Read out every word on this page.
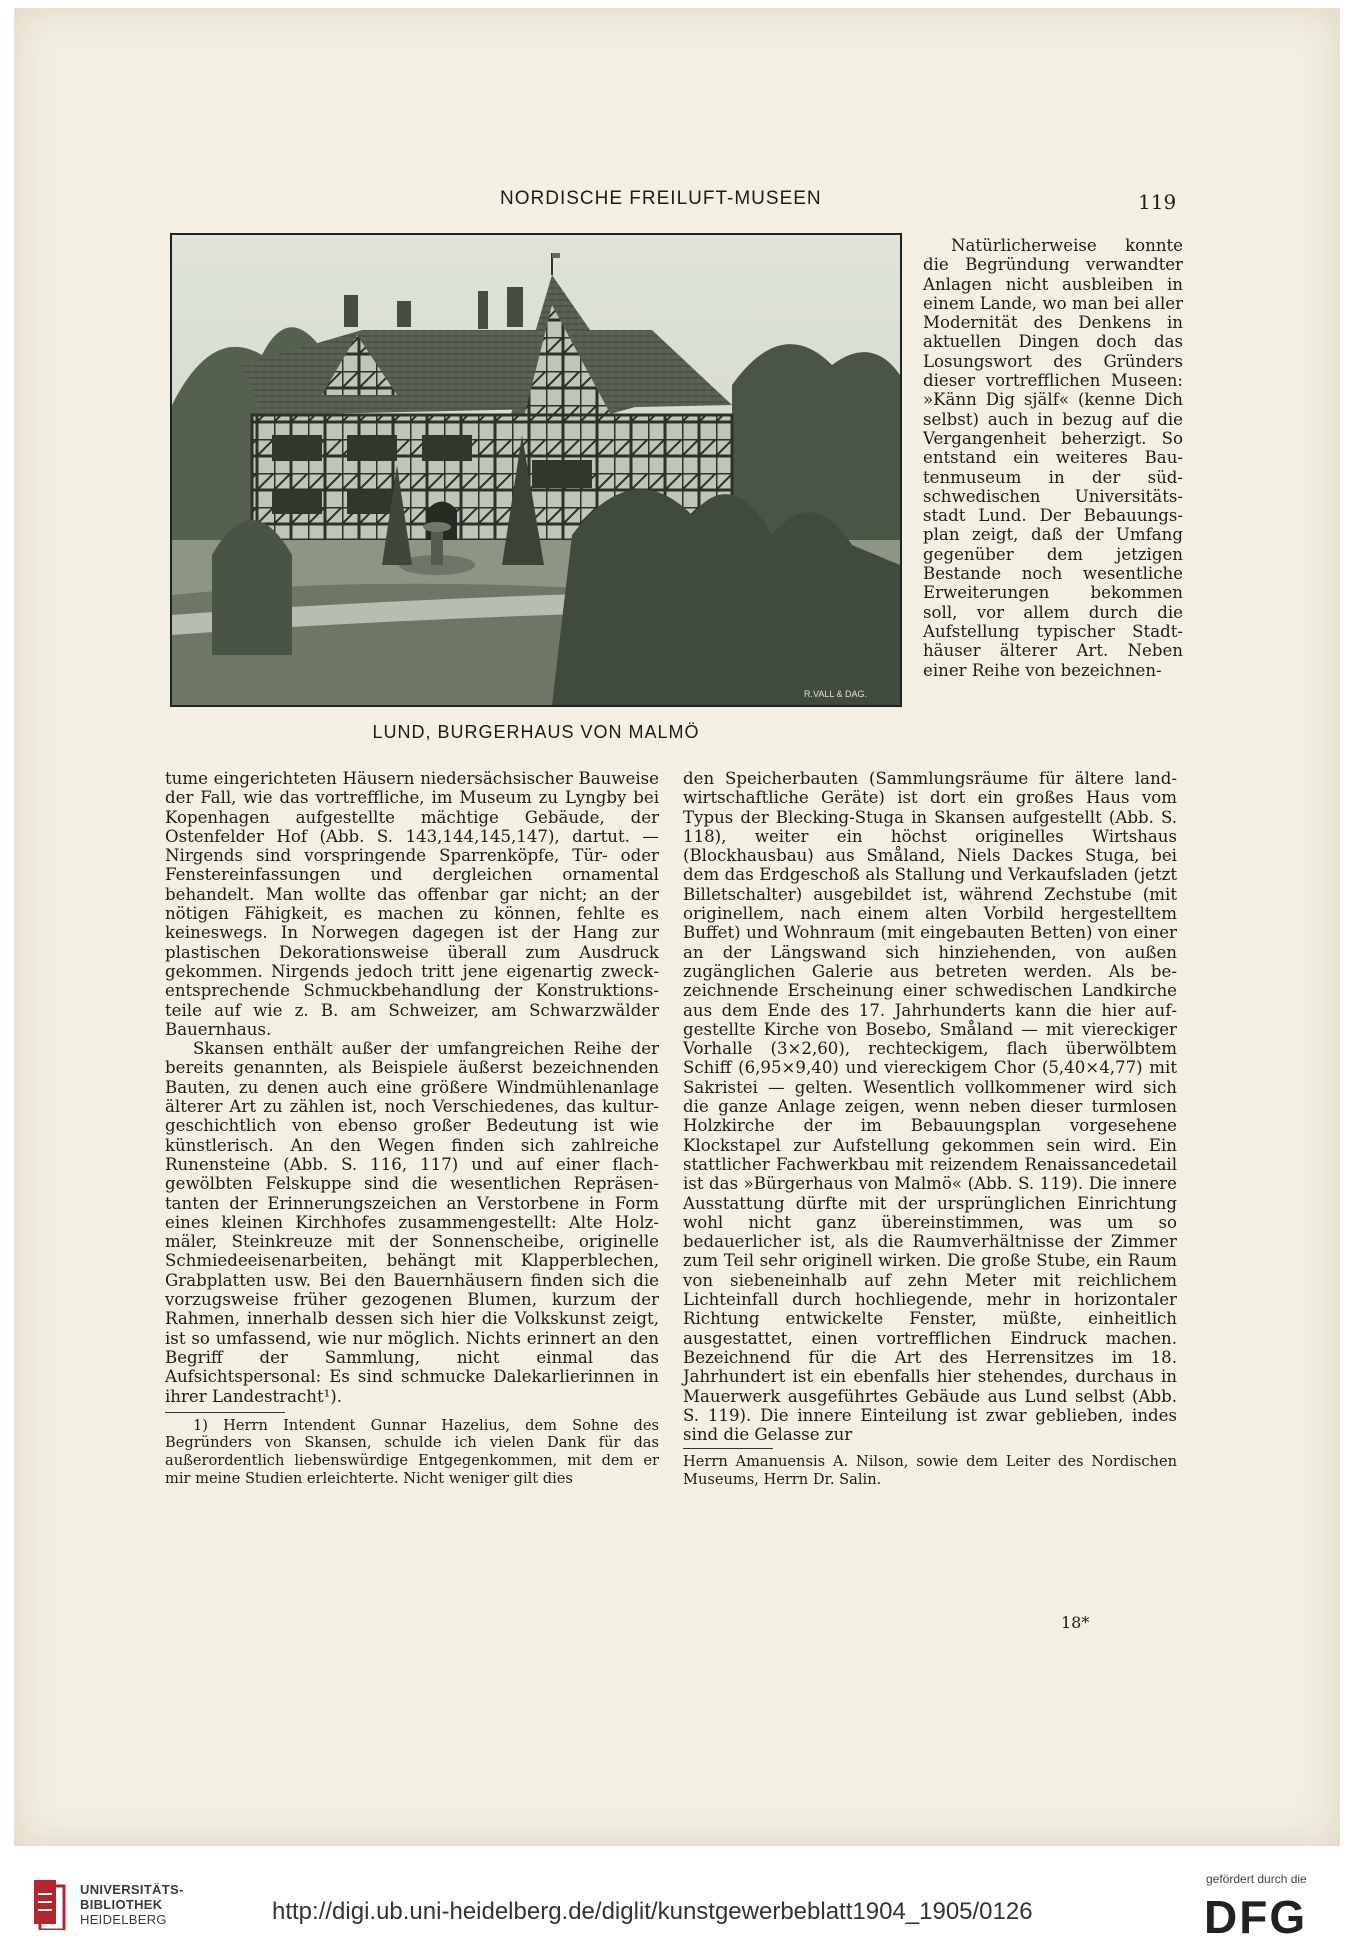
NORDISCHE FREILUFT-MUSEEN	119
R.VALL & DAG.
LUND, BURGERHAUS VON MALMÖ

Natürlicherweise konnte die Begründung verwandter Anlagen nicht ausbleiben in einem Lande, wo man bei aller Modernität des Denkens in aktuellen Dingen doch das Losungswort des Gründers dieser vortrefflichen Museen: »Känn Dig själf« (kenne Dich selbst) auch in bezug auf die Vergangenheit beherzigt. So entstand ein weiteres Bautenmuseum in der südschwedischen Universitätsstadt Lund. Der Bebauungsplan zeigt, daß der Umfang gegenüber dem jetzigen Bestande noch wesentliche Erweiterungen bekommen soll, vor allem durch die Aufstellung typischer Stadthäuser älterer Art. Neben einer Reihe von bezeichnen-

tume eingerichteten Häusern niedersächsischer Bauweise der Fall, wie das vortreffliche, im Museum zu Lyngby bei Kopenhagen aufgestellte mächtige Gebäude, der Ostenfelder Hof (Abb. S. 143,144,145,147), dartut. — Nirgends sind vorspringende Sparrenköpfe, Tür- oder Fenstereinfassungen und dergleichen ornamental behandelt. Man wollte das offenbar gar nicht; an der nötigen Fähigkeit, es machen zu können, fehlte es keineswegs. In Norwegen dagegen ist der Hang zur plastischen Dekorationsweise überall zum Ausdruck gekommen. Nirgends jedoch tritt jene eigenartig zweckentsprechende Schmuckbehandlung der Konstruktionsteile auf wie z. B. am Schweizer, am Schwarzwälder Bauernhaus.

Skansen enthält außer der umfangreichen Reihe der bereits genannten, als Beispiele äußerst bezeichnenden Bauten, zu denen auch eine größere Windmühlenanlage älterer Art zu zählen ist, noch Verschiedenes, das kulturgeschichtlich von ebenso großer Bedeutung ist wie künstlerisch. An den Wegen finden sich zahlreiche Runensteine (Abb. S. 116, 117) und auf einer flachgewölbten Felskuppe sind die wesentlichen Repräsentanten der Erinnerungszeichen an Verstorbene in Form eines kleinen Kirchhofes zusammengestellt: Alte Holzmäler, Steinkreuze mit der Sonnenscheibe, originelle Schmiedeeisenarbeiten, behängt mit Klapperblechen, Grabplatten usw. Bei den Bauernhäusern finden sich die vorzugsweise früher gezogenen Blumen, kurzum der Rahmen, innerhalb dessen sich hier die Volkskunst zeigt, ist so umfassend, wie nur möglich. Nichts erinnert an den Begriff der Sammlung, nicht einmal das Aufsichtspersonal: Es sind schmucke Dalekarlierinnen in ihrer Landestracht¹).

1) Herrn Intendent Gunnar Hazelius, dem Sohne des Begründers von Skansen, schulde ich vielen Dank für das außerordentlich liebenswürdige Entgegenkommen, mit dem er mir meine Studien erleichterte. Nicht weniger gilt dies

den Speicherbauten (Sammlungsräume für ältere landwirtschaftliche Geräte) ist dort ein großes Haus vom Typus der Blecking-Stuga in Skansen aufgestellt (Abb. S. 118), weiter ein höchst originelles Wirtshaus (Blockhausbau) aus Småland, Niels Dackes Stuga, bei dem das Erdgeschoß als Stallung und Verkaufsladen (jetzt Billetschalter) ausgebildet ist, während Zechstube (mit originellem, nach einem alten Vorbild hergestelltem Buffet) und Wohnraum (mit eingebauten Betten) von einer an der Längswand sich hinziehenden, von außen zugänglichen Galerie aus betreten werden. Als bezeichnende Erscheinung einer schwedischen Landkirche aus dem Ende des 17. Jahrhunderts kann die hier aufgestellte Kirche von Bosebo, Småland — mit viereckiger Vorhalle (3×2,60), rechteckigem, flach überwölbtem Schiff (6,95×9,40) und viereckigem Chor (5,40×4,77) mit Sakristei — gelten. Wesentlich vollkommener wird sich die ganze Anlage zeigen, wenn neben dieser turmlosen Holzkirche der im Bebauungsplan vorgesehene Klockstapel zur Aufstellung gekommen sein wird. Ein stattlicher Fachwerkbau mit reizendem Renaissancedetail ist das »Bürgerhaus von Malmö« (Abb. S. 119). Die innere Ausstattung dürfte mit der ursprünglichen Einrichtung wohl nicht ganz übereinstimmen, was um so bedauerlicher ist, als die Raumverhältnisse der Zimmer zum Teil sehr originell wirken. Die große Stube, ein Raum von siebeneinhalb auf zehn Meter mit reichlichem Lichteinfall durch hochliegende, mehr in horizontaler Richtung entwickelte Fenster, müßte, einheitlich ausgestattet, einen vortrefflichen Eindruck machen. Bezeichnend für die Art des Herrensitzes im 18. Jahrhundert ist ein ebenfalls hier stehendes, durchaus in Mauerwerk ausgeführtes Gebäude aus Lund selbst (Abb. S. 119). Die innere Einteilung ist zwar geblieben, indes sind die Gelasse zur

Herrn Amanuensis A. Nilson, sowie dem Leiter des Nordischen Museums, Herrn Dr. Salin.

18*
UNIVERSITÄTS-
BIBLIOTHEK
HEIDELBERG	http://digi.ub.uni-heidelberg.de/diglit/kunstgewerbeblatt1904_1905/0126
gefördert durch die
DFG
